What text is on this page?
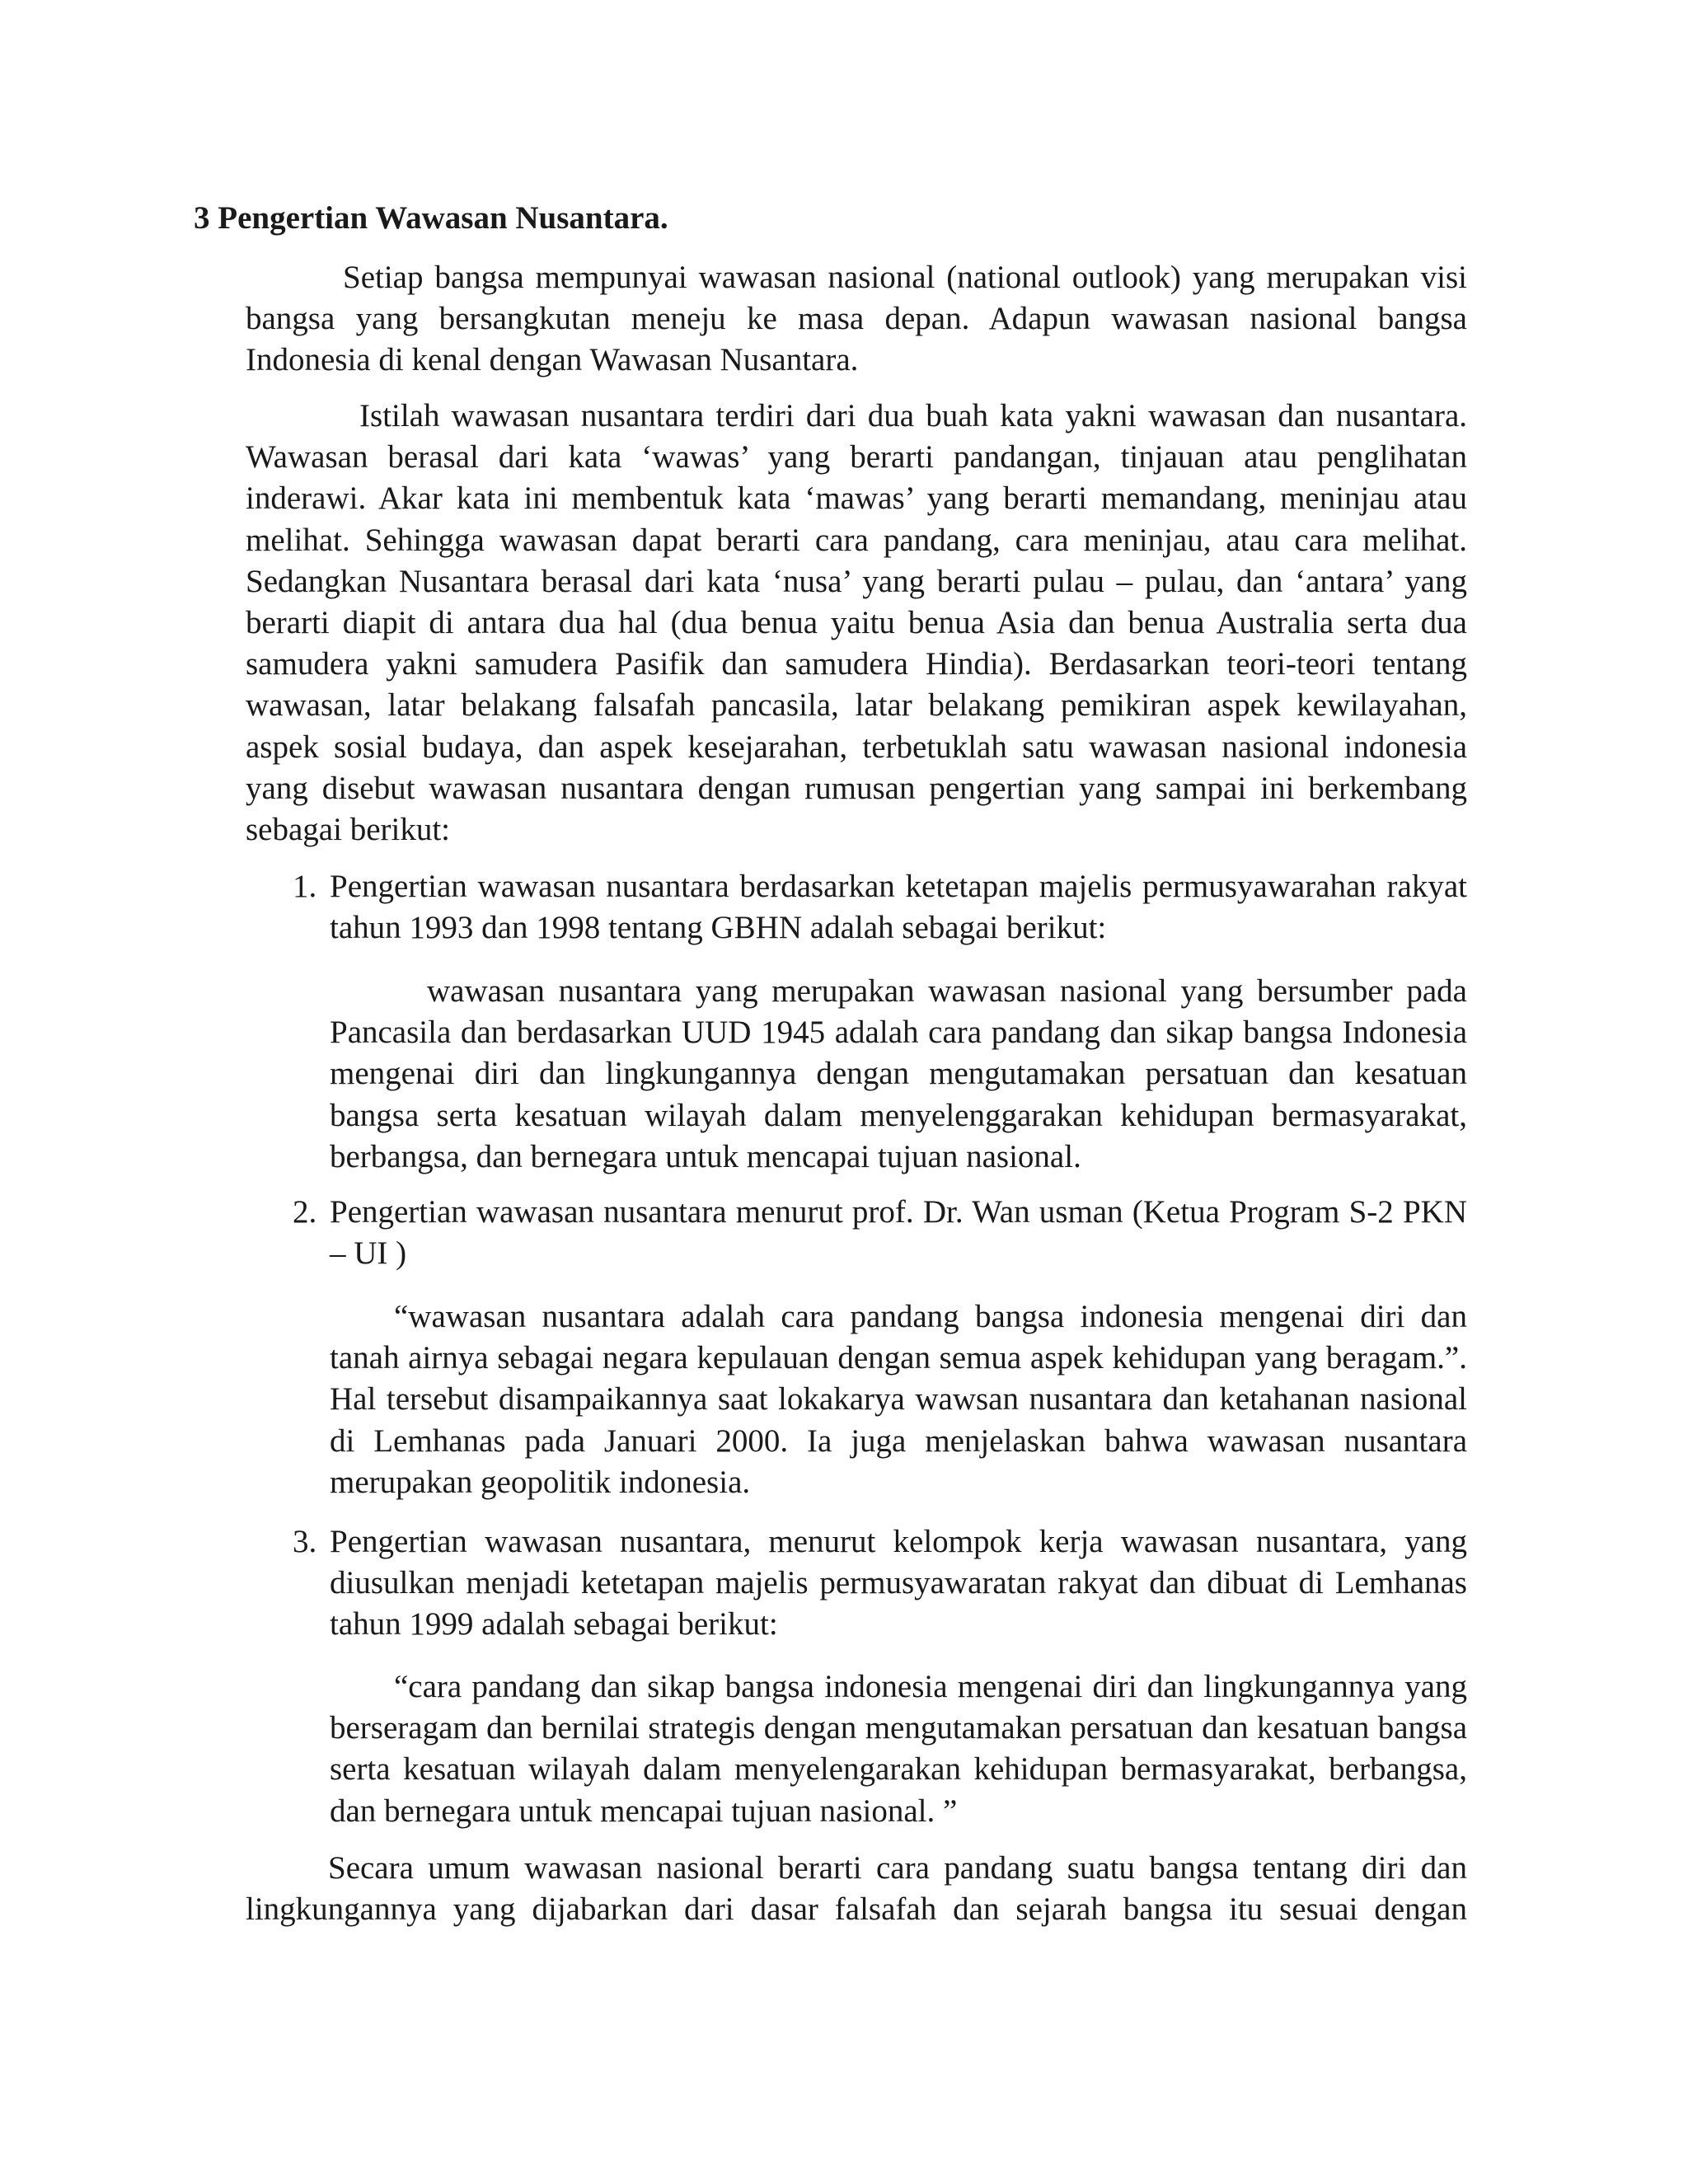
3 Pengertian Wawasan Nusantara.

Setiap bangsa mempunyai wawasan nasional (national outlook) yang merupakan visi bangsa yang bersangkutan meneju ke masa depan. Adapun wawasan nasional bangsa Indonesia di kenal dengan Wawasan Nusantara.

Istilah wawasan nusantara terdiri dari dua buah kata yakni wawasan dan nusantara. Wawasan berasal dari kata ‘wawas’ yang berarti pandangan, tinjauan atau penglihatan inderawi. Akar kata ini membentuk kata ‘mawas’ yang berarti memandang, meninjau atau melihat. Sehingga wawasan dapat berarti cara pandang, cara meninjau, atau cara melihat. Sedangkan Nusantara berasal dari kata ‘nusa’ yang berarti pulau – pulau, dan ‘antara’ yang berarti diapit di antara dua hal (dua benua yaitu benua Asia dan benua Australia serta dua samudera yakni samudera Pasifik dan samudera Hindia). Berdasarkan teori-teori tentang wawasan, latar belakang falsafah pancasila, latar belakang pemikiran aspek kewilayahan, aspek sosial budaya, dan aspek kesejarahan, terbetuklah satu wawasan nasional indonesia yang disebut wawasan nusantara dengan rumusan pengertian yang sampai ini berkembang sebagai berikut:

1. Pengertian wawasan nusantara berdasarkan ketetapan majelis permusyawarahan rakyat tahun 1993 dan 1998 tentang GBHN adalah sebagai berikut:

wawasan nusantara yang merupakan wawasan nasional yang bersumber pada Pancasila dan berdasarkan UUD 1945 adalah cara pandang dan sikap bangsa Indonesia mengenai diri dan lingkungannya dengan mengutamakan persatuan dan kesatuan bangsa serta kesatuan wilayah dalam menyelenggarakan kehidupan bermasyarakat, berbangsa, dan bernegara untuk mencapai tujuan nasional.

2. Pengertian wawasan nusantara menurut prof. Dr. Wan usman (Ketua Program S-2 PKN – UI )

“wawasan nusantara adalah cara pandang bangsa indonesia mengenai diri dan tanah airnya sebagai negara kepulauan dengan semua aspek kehidupan yang beragam.”. Hal tersebut disampaikannya saat lokakarya wawsan nusantara dan ketahanan nasional di Lemhanas pada Januari 2000. Ia juga menjelaskan bahwa wawasan nusantara merupakan geopolitik indonesia.

3. Pengertian wawasan nusantara, menurut kelompok kerja wawasan nusantara, yang diusulkan menjadi ketetapan majelis permusyawaratan rakyat dan dibuat di Lemhanas tahun 1999 adalah sebagai berikut:

“cara pandang dan sikap bangsa indonesia mengenai diri dan lingkungannya yang berseragam dan bernilai strategis dengan mengutamakan persatuan dan kesatuan bangsa serta kesatuan wilayah dalam menyelengarakan kehidupan bermasyarakat, berbangsa, dan bernegara untuk mencapai tujuan nasional. ”

Secara umum wawasan nasional berarti cara pandang suatu bangsa tentang diri dan lingkungannya yang dijabarkan dari dasar falsafah dan sejarah bangsa itu sesuai dengan
